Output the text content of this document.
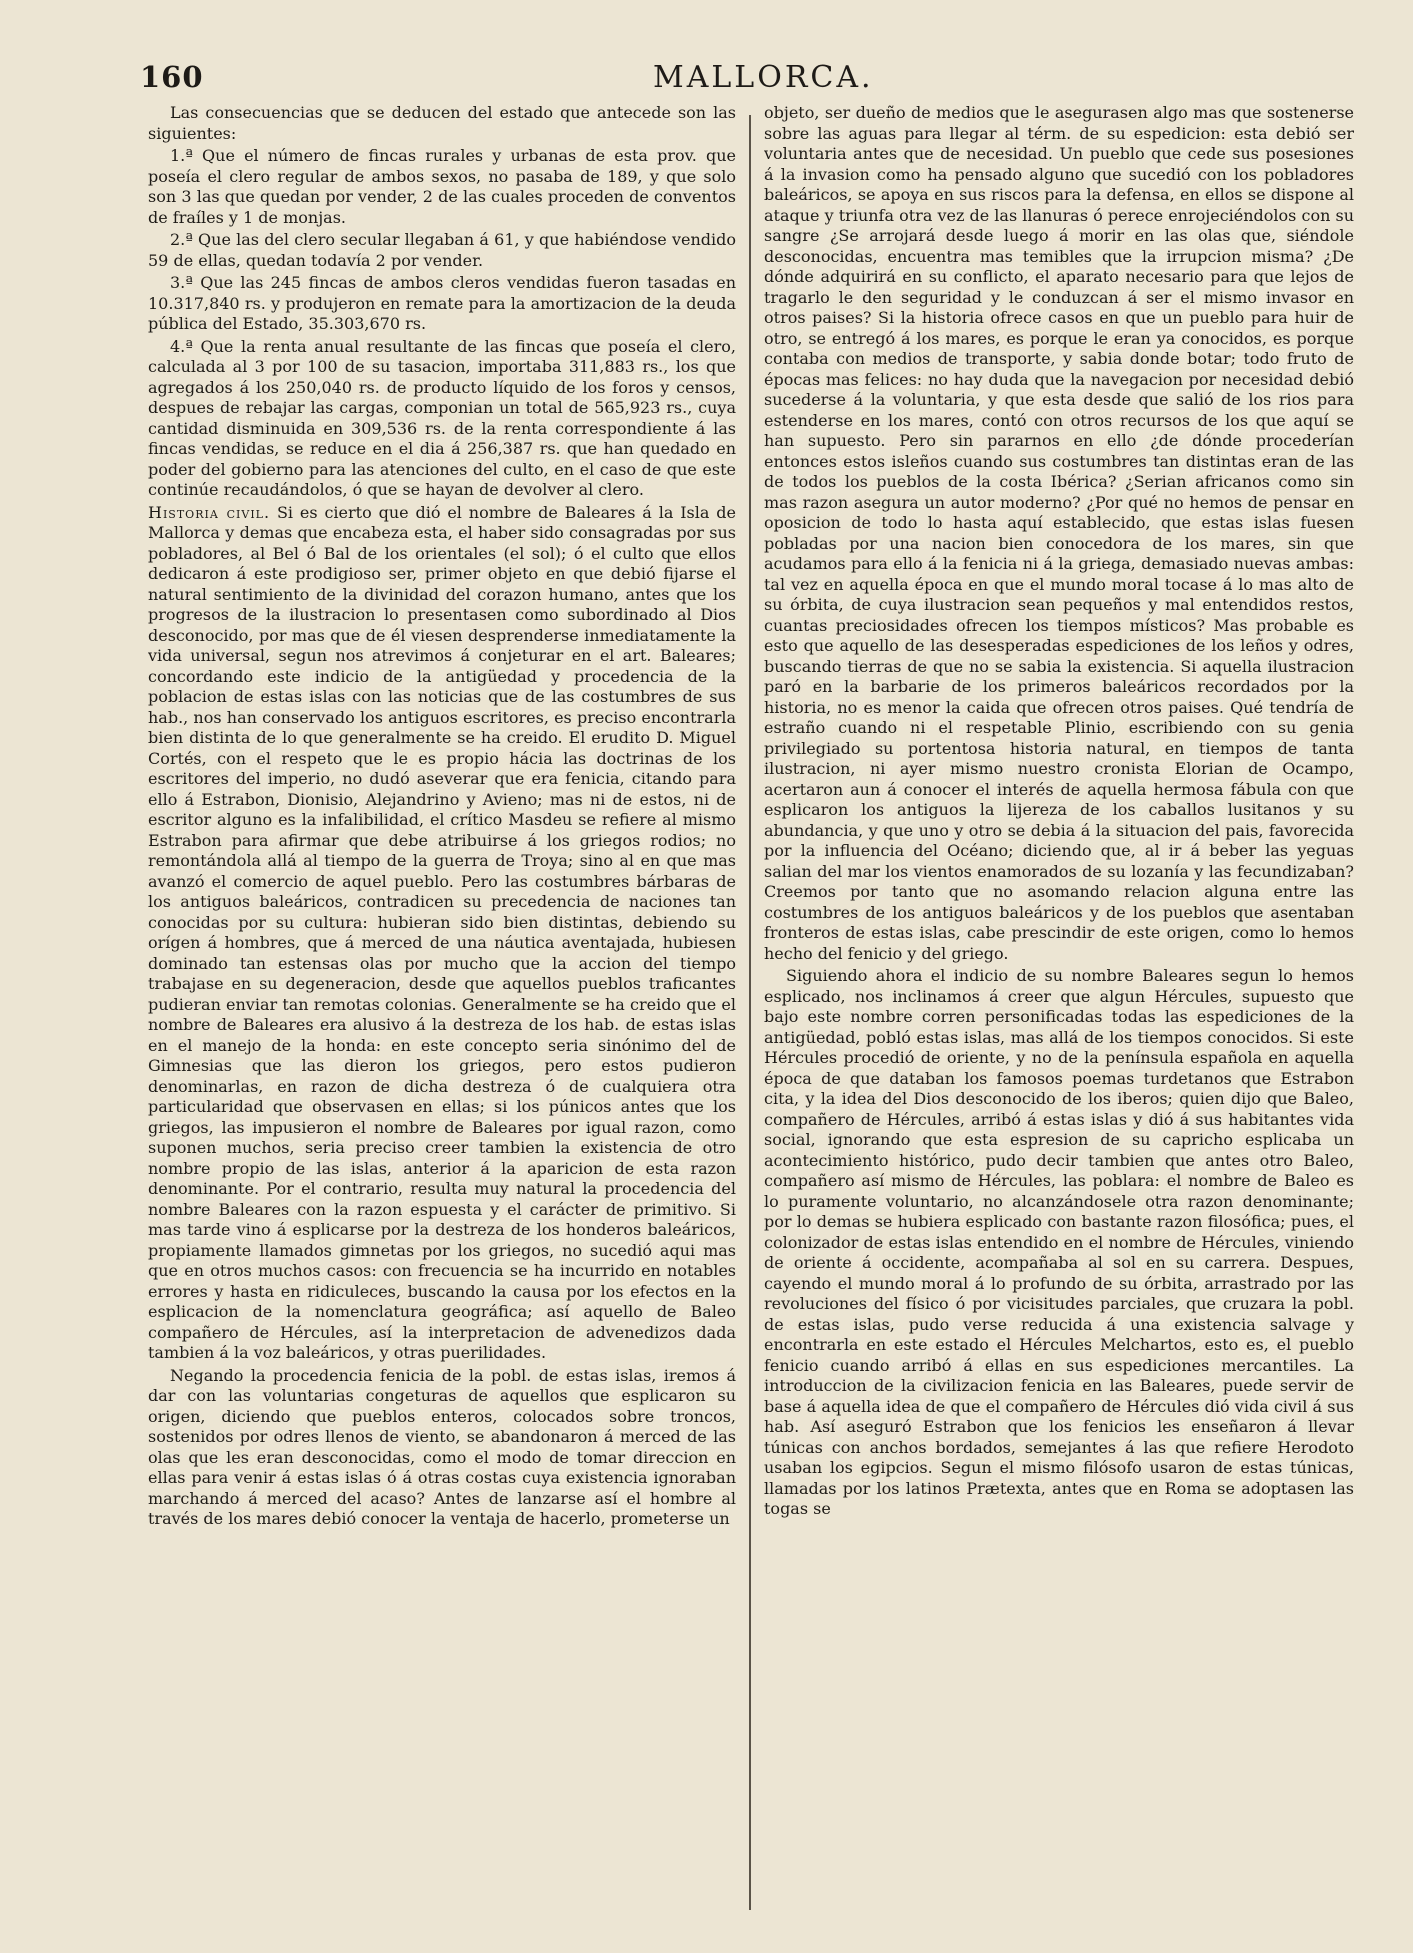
160	MALLORCA.

Las consecuencias que se deducen del estado que antecede son las siguientes:

1.ª Que el número de fincas rurales y urbanas de esta prov. que poseía el clero regular de ambos sexos, no pasaba de 189, y que solo son 3 las que quedan por vender, 2 de las cuales proceden de conventos de fraíles y 1 de monjas.

2.ª Que las del clero secular llegaban á 61, y que habiéndose vendido 59 de ellas, quedan todavía 2 por vender.

3.ª Que las 245 fincas de ambos cleros vendidas fueron tasadas en 10.317,840 rs. y produjeron en remate para la amortizacion de la deuda pública del Estado, 35.303,670 rs.

4.ª Que la renta anual resultante de las fincas que poseía el clero, calculada al 3 por 100 de su tasacion, importaba 311,883 rs., los que agregados á los 250,040 rs. de producto líquido de los foros y censos, despues de rebajar las cargas, componian un total de 565,923 rs., cuya cantidad disminuida en 309,536 rs. de la renta correspondiente á las fincas vendidas, se reduce en el dia á 256,387 rs. que han quedado en poder del gobierno para las atenciones del culto, en el caso de que este continúe recaudándolos, ó que se hayan de devolver al clero.

Historia civil. Si es cierto que dió el nombre de Baleares á la Isla de Mallorca y demas que encabeza esta, el haber sido consagradas por sus pobladores, al Bel ó Bal de los orientales (el sol); ó el culto que ellos dedicaron á este prodigioso ser, primer objeto en que debió fijarse el natural sentimiento de la divinidad del corazon humano, antes que los progresos de la ilustracion lo presentasen como subordinado al Dios desconocido, por mas que de él viesen desprenderse inmediatamente la vida universal, segun nos atrevimos á conjeturar en el art. Baleares; concordando este indicio de la antigüedad y procedencia de la poblacion de estas islas con las noticias que de las costumbres de sus hab., nos han conservado los antiguos escritores, es preciso encontrarla bien distinta de lo que generalmente se ha creido. El erudito D. Miguel Cortés, con el respeto que le es propio hácia las doctrinas de los escritores del imperio, no dudó aseverar que era fenicia, citando para ello á Estrabon, Dionisio, Alejandrino y Avieno; mas ni de estos, ni de escritor alguno es la infalibilidad, el crítico Masdeu se refiere al mismo Estrabon para afirmar que debe atribuirse á los griegos rodios; no remontándola allá al tiempo de la guerra de Troya; sino al en que mas avanzó el comercio de aquel pueblo. Pero las costumbres bárbaras de los antiguos baleáricos, contradicen su precedencia de naciones tan conocidas por su cultura: hubieran sido bien distintas, debiendo su orígen á hombres, que á merced de una náutica aventajada, hubiesen dominado tan estensas olas por mucho que la accion del tiempo trabajase en su degeneracion, desde que aquellos pueblos traficantes pudieran enviar tan remotas colonias. Generalmente se ha creido que el nombre de Baleares era alusivo á la destreza de los hab. de estas islas en el manejo de la honda: en este concepto seria sinónimo del de Gimnesias que las dieron los griegos, pero estos pudieron denominarlas, en razon de dicha destreza ó de cualquiera otra particularidad que observasen en ellas; si los púnicos antes que los griegos, las impusieron el nombre de Baleares por igual razon, como suponen muchos, seria preciso creer tambien la existencia de otro nombre propio de las islas, anterior á la aparicion de esta razon denominante. Por el contrario, resulta muy natural la procedencia del nombre Baleares con la razon espuesta y el carácter de primitivo. Si mas tarde vino á esplicarse por la destreza de los honderos baleáricos, propiamente llamados gimnetas por los griegos, no sucedió aqui mas que en otros muchos casos: con frecuencia se ha incurrido en notables errores y hasta en ridiculeces, buscando la causa por los efectos en la esplicacion de la nomenclatura geográfica; así aquello de Baleo compañero de Hércules, así la interpretacion de advenedizos dada tambien á la voz baleáricos, y otras puerilidades.

Negando la procedencia fenicia de la pobl. de estas islas, iremos á dar con las voluntarias congeturas de aquellos que esplicaron su origen, diciendo que pueblos enteros, colocados sobre troncos, sostenidos por odres llenos de viento, se abandonaron á merced de las olas que les eran desconocidas, como el modo de tomar direccion en ellas para venir á estas islas ó á otras costas cuya existencia ignoraban marchando á merced del acaso? Antes de lanzarse así el hombre al través de los mares debió conocer la ventaja de hacerlo, prometerse un

objeto, ser dueño de medios que le asegurasen algo mas que sostenerse sobre las aguas para llegar al térm. de su espedicion: esta debió ser voluntaria antes que de necesidad. Un pueblo que cede sus posesiones á la invasion como ha pensado alguno que sucedió con los pobladores baleáricos, se apoya en sus riscos para la defensa, en ellos se dispone al ataque y triunfa otra vez de las llanuras ó perece enrojeciéndolos con su sangre ¿Se arrojará desde luego á morir en las olas que, siéndole desconocidas, encuentra mas temibles que la irrupcion misma? ¿De dónde adquirirá en su conflicto, el aparato necesario para que lejos de tragarlo le den seguridad y le conduzcan á ser el mismo invasor en otros paises? Si la historia ofrece casos en que un pueblo para huir de otro, se entregó á los mares, es porque le eran ya conocidos, es porque contaba con medios de transporte, y sabia donde botar; todo fruto de épocas mas felices: no hay duda que la navegacion por necesidad debió sucederse á la voluntaria, y que esta desde que salió de los rios para estenderse en los mares, contó con otros recursos de los que aquí se han supuesto. Pero sin pararnos en ello ¿de dónde procederían entonces estos isleños cuando sus costumbres tan distintas eran de las de todos los pueblos de la costa Ibérica? ¿Serian africanos como sin mas razon asegura un autor moderno? ¿Por qué no hemos de pensar en oposicion de todo lo hasta aquí establecido, que estas islas fuesen pobladas por una nacion bien conocedora de los mares, sin que acudamos para ello á la fenicia ni á la griega, demasiado nuevas ambas: tal vez en aquella época en que el mundo moral tocase á lo mas alto de su órbita, de cuya ilustracion sean pequeños y mal entendidos restos, cuantas preciosidades ofrecen los tiempos místicos? Mas probable es esto que aquello de las desesperadas espediciones de los leños y odres, buscando tierras de que no se sabia la existencia. Si aquella ilustracion paró en la barbarie de los primeros baleáricos recordados por la historia, no es menor la caida que ofrecen otros paises. Qué tendría de estraño cuando ni el respetable Plinio, escribiendo con su genia privilegiado su portentosa historia natural, en tiempos de tanta ilustracion, ni ayer mismo nuestro cronista Elorian de Ocampo, acertaron aun á conocer el interés de aquella hermosa fábula con que esplicaron los antiguos la lijereza de los caballos lusitanos y su abundancia, y que uno y otro se debia á la situacion del pais, favorecida por la influencia del Océano; diciendo que, al ir á beber las yeguas salian del mar los vientos enamorados de su lozanía y las fecundizaban? Creemos por tanto que no asomando relacion alguna entre las costumbres de los antiguos baleáricos y de los pueblos que asentaban fronteros de estas islas, cabe prescindir de este origen, como lo hemos hecho del fenicio y del griego.

Siguiendo ahora el indicio de su nombre Baleares segun lo hemos esplicado, nos inclinamos á creer que algun Hércules, supuesto que bajo este nombre corren personificadas todas las espediciones de la antigüedad, pobló estas islas, mas allá de los tiempos conocidos. Si este Hércules procedió de oriente, y no de la península española en aquella época de que databan los famosos poemas turdetanos que Estrabon cita, y la idea del Dios desconocido de los iberos; quien dijo que Baleo, compañero de Hércules, arribó á estas islas y dió á sus habitantes vida social, ignorando que esta espresion de su capricho esplicaba un acontecimiento histórico, pudo decir tambien que antes otro Baleo, compañero así mismo de Hércules, las poblara: el nombre de Baleo es lo puramente voluntario, no alcanzándosele otra razon denominante; por lo demas se hubiera esplicado con bastante razon filosófica; pues, el colonizador de estas islas entendido en el nombre de Hércules, viniendo de oriente á occidente, acompañaba al sol en su carrera. Despues, cayendo el mundo moral á lo profundo de su órbita, arrastrado por las revoluciones del físico ó por vicisitudes parciales, que cruzara la pobl. de estas islas, pudo verse reducida á una existencia salvage y encontrarla en este estado el Hércules Melchartos, esto es, el pueblo fenicio cuando arribó á ellas en sus espediciones mercantiles. La introduccion de la civilizacion fenicia en las Baleares, puede servir de base á aquella idea de que el compañero de Hércules dió vida civil á sus hab. Así aseguró Estrabon que los fenicios les enseñaron á llevar túnicas con anchos bordados, semejantes á las que refiere Herodoto usaban los egipcios. Segun el mismo filósofo usaron de estas túnicas, llamadas por los latinos Prætexta, antes que en Roma se adoptasen las togas se
